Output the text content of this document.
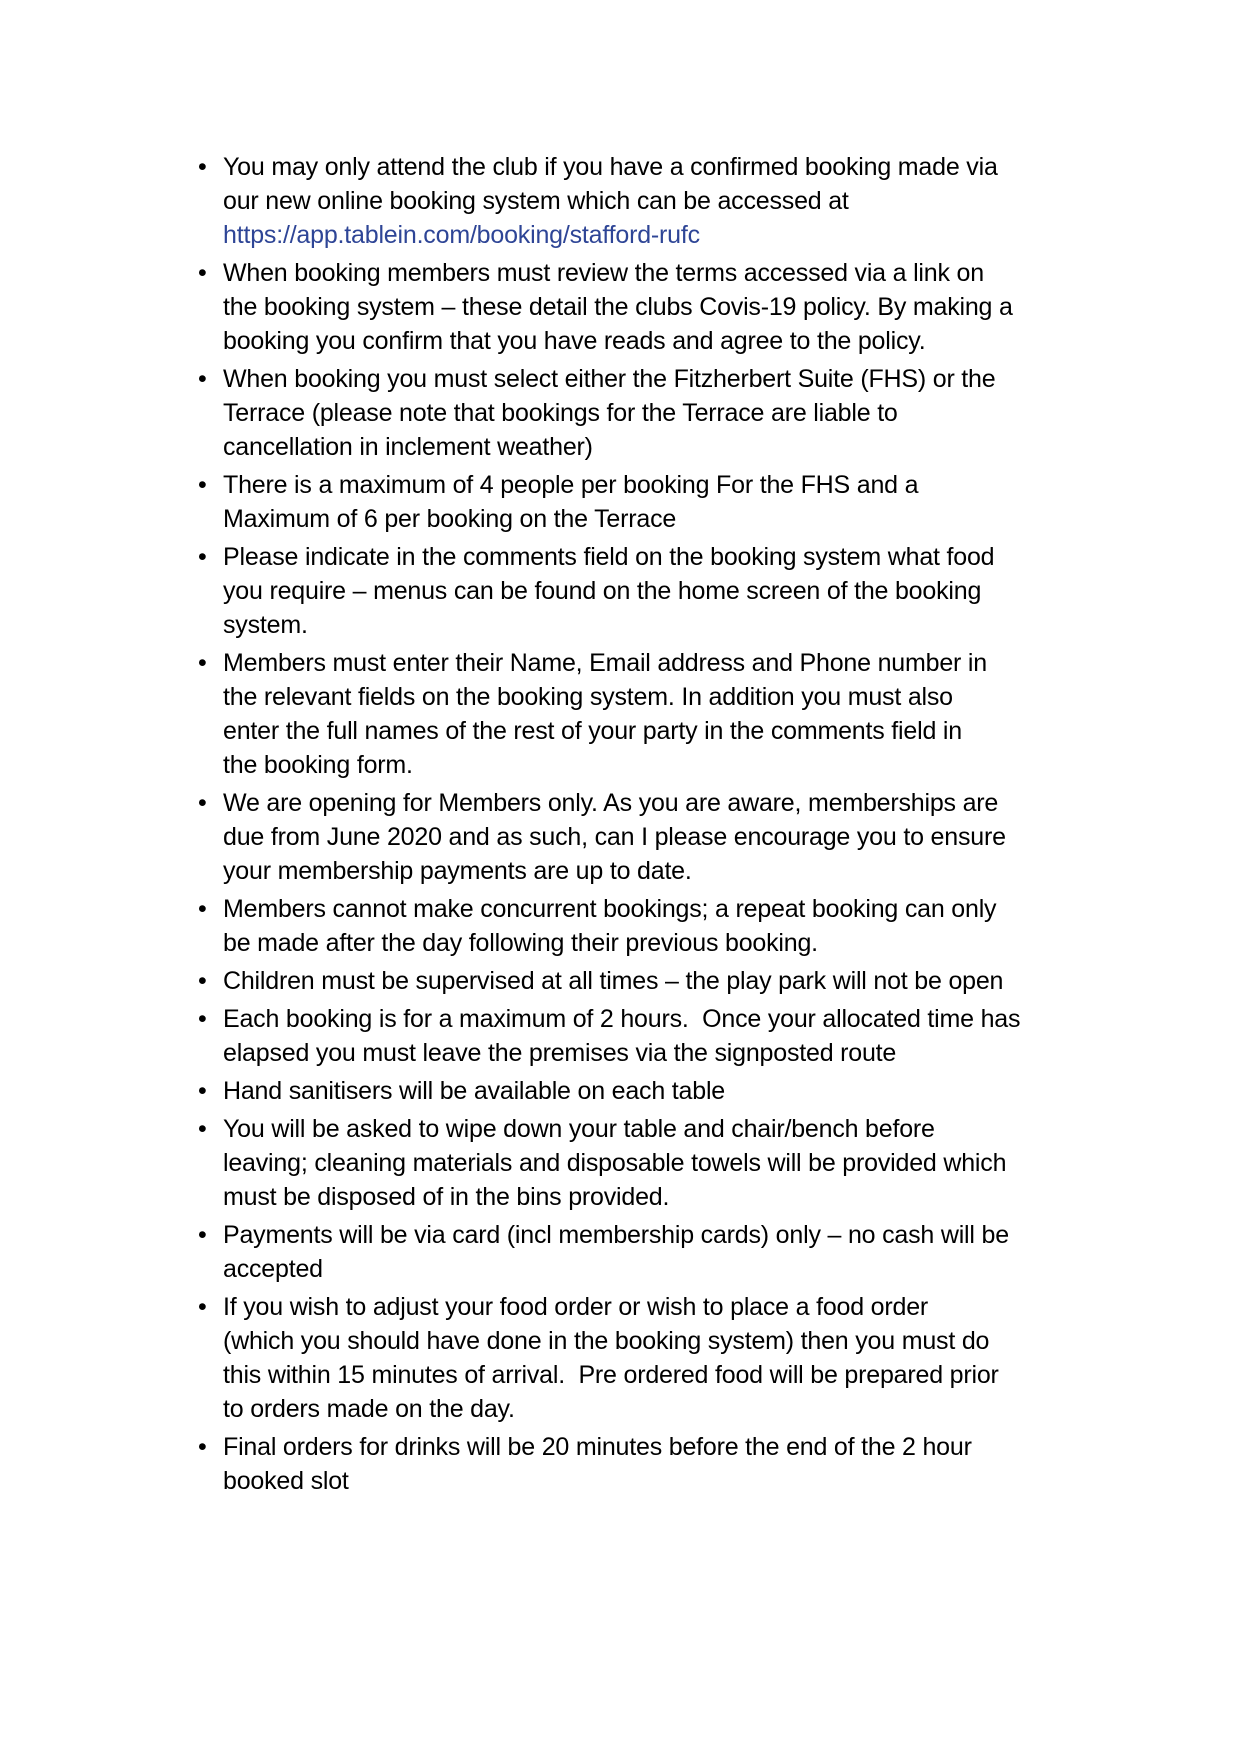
• You may only attend the club if you have a confirmed booking made via
our new online booking system which can be accessed at
https://app.tablein.com/booking/stafford-rufc
• When booking members must review the terms accessed via a link on
the booking system – these detail the clubs Covis-19 policy. By making a
booking you confirm that you have reads and agree to the policy.
• When booking you must select either the Fitzherbert Suite (FHS) or the
Terrace (please note that bookings for the Terrace are liable to
cancellation in inclement weather)
• There is a maximum of 4 people per booking For the FHS and a
Maximum of 6 per booking on the Terrace
• Please indicate in the comments field on the booking system what food
you require – menus can be found on the home screen of the booking
system.
• Members must enter their Name, Email address and Phone number in
the relevant fields on the booking system. In addition you must also
enter the full names of the rest of your party in the comments field in
the booking form.
• We are opening for Members only. As you are aware, memberships are
due from June 2020 and as such, can I please encourage you to ensure
your membership payments are up to date.
• Members cannot make concurrent bookings; a repeat booking can only
be made after the day following their previous booking.
• Children must be supervised at all times – the play park will not be open
• Each booking is for a maximum of 2 hours.  Once your allocated time has
elapsed you must leave the premises via the signposted route
• Hand sanitisers will be available on each table
• You will be asked to wipe down your table and chair/bench before
leaving; cleaning materials and disposable towels will be provided which
must be disposed of in the bins provided.
• Payments will be via card (incl membership cards) only – no cash will be
accepted
• If you wish to adjust your food order or wish to place a food order
(which you should have done in the booking system) then you must do
this within 15 minutes of arrival.  Pre ordered food will be prepared prior
to orders made on the day.
• Final orders for drinks will be 20 minutes before the end of the 2 hour
booked slot
